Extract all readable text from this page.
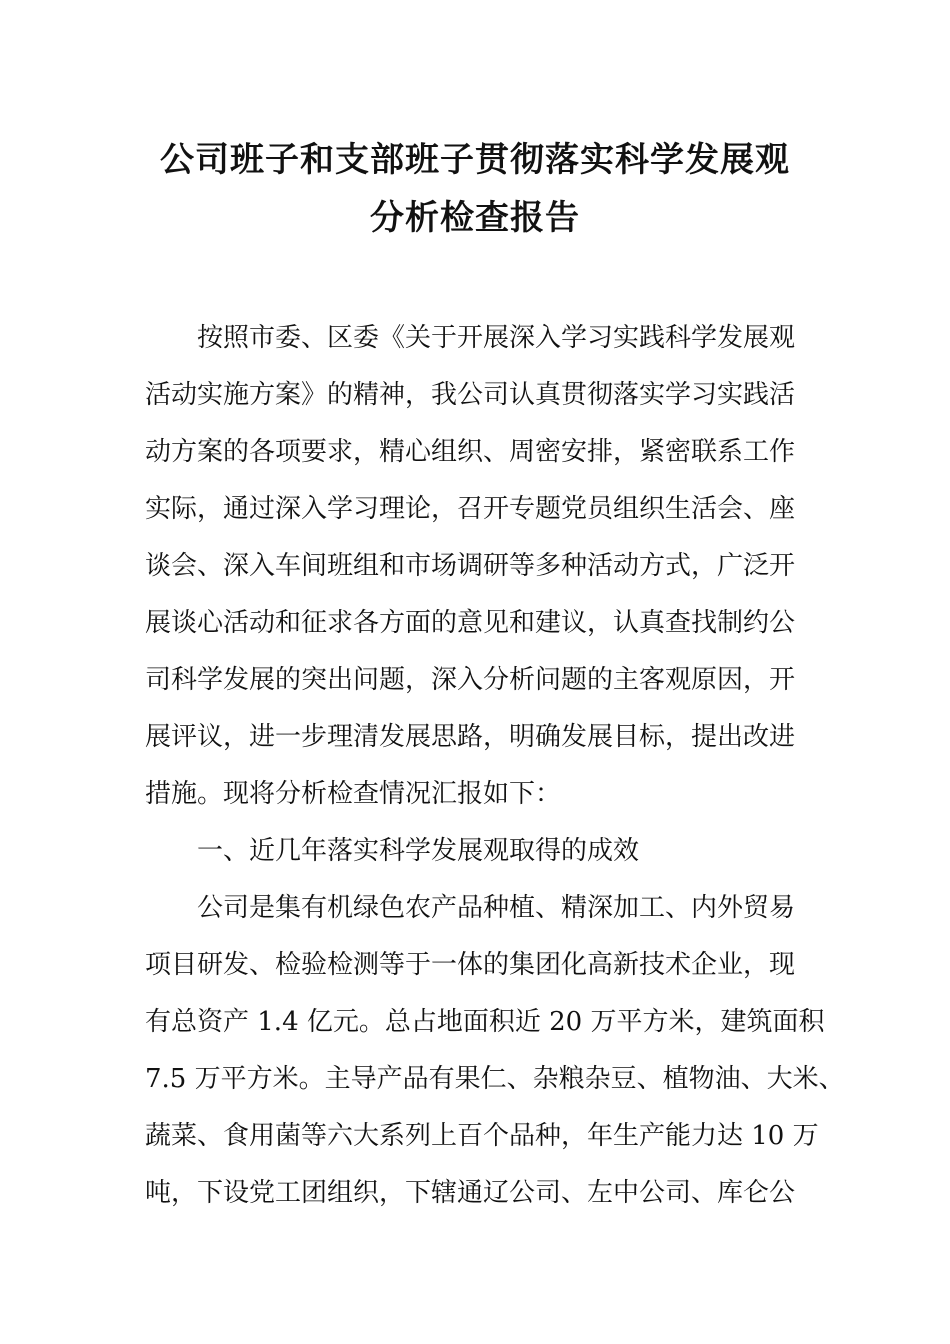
公司班子和支部班子贯彻落实科学发展观
分析检查报告
按照市委、区委《关于开展深入学习实践科学发展观
活动实施方案》的精神，我公司认真贯彻落实学习实践活
动方案的各项要求，精心组织、周密安排，紧密联系工作
实际，通过深入学习理论，召开专题党员组织生活会、座
谈会、深入车间班组和市场调研等多种活动方式，广泛开
展谈心活动和征求各方面的意见和建议，认真查找制约公
司科学发展的突出问题，深入分析问题的主客观原因，开
展评议，进一步理清发展思路，明确发展目标，提出改进
措施。现将分析检查情况汇报如下：
一、近几年落实科学发展观取得的成效
公司是集有机绿色农产品种植、精深加工、内外贸易
项目研发、检验检测等于一体的集团化高新技术企业，现
有总资产 1.4 亿元。总占地面积近 20 万平方米，建筑面积
7.5 万平方米。主导产品有果仁、杂粮杂豆、植物油、大米、
蔬菜、食用菌等六大系列上百个品种，年生产能力达 10 万
吨，下设党工团组织，下辖通辽公司、左中公司、库仑公
